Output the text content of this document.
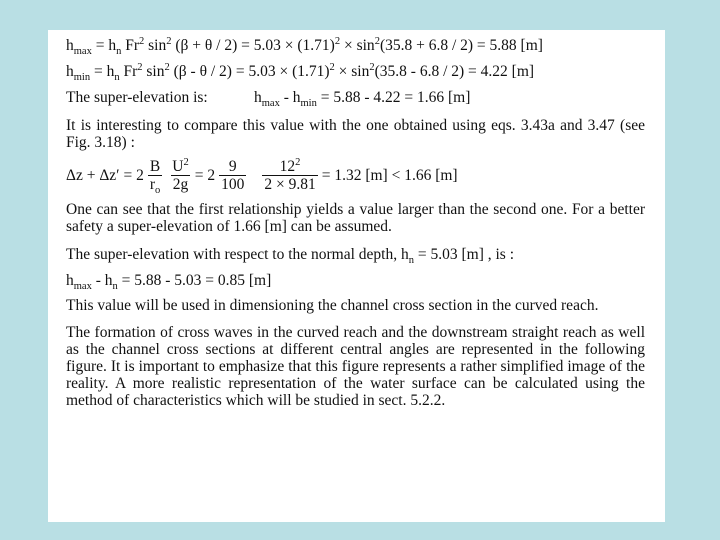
$h_{max} = h_n$ Fr$^2$ $\sin^2 (\beta + \theta / 2) = 5.03 \times (1.71)^2 \times \sin^2(35.8 + 6.8 / 2) = 5.88$ [m]
$h_{min} = h_n$ Fr$^2$ $\sin^2 (\beta - \theta / 2) = 5.03 \times (1.71)^2 \times \sin^2(35.8 - 6.8 / 2) = 4.22$ [m]
The super-elevation is:	$h_{max} - h_{min} = 5.88 - 4.22 = 1.66$ [m]
It is interesting to compare this value with the one obtained using eqs. 3.43a and 3.47 (see Fig. 3.18) :
$\Delta z + \Delta z' = 2 \frac{B}{r_o} \frac{U^2}{2g} = 2 \frac{9}{100} \frac{12^2}{2 \times 9.81} = 1.32$ [m] < 1.66 [m]
One can see that the first relationship yields a value larger than the second one. For a better safety a super-elevation of 1.66 [m] can be assumed.
The super-elevation with respect to the normal depth, $h_n = 5.03$ [m] , is :
$h_{max} - h_n = 5.88 - 5.03 = 0.85$ [m]
This value will be used in dimensioning the channel cross section in the curved reach.
The formation of cross waves in the curved reach and the downstream straight reach as well as the channel cross sections at different central angles are represented in the following figure. It is important to emphasize that this figure represents a rather simplified image of the reality. A more realistic representation of the water surface can be calculated using the method of characteristics which will be studied in sect. 5.2.2.
